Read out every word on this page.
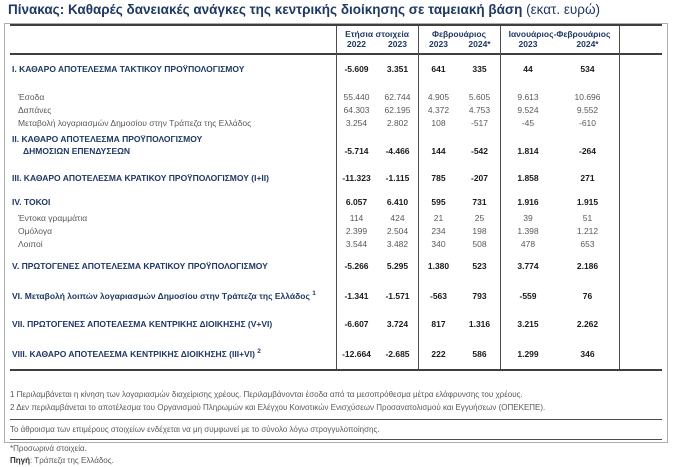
Πίνακας: Καθαρές δανειακές ανάγκες της κεντρικής διοίκησης σε ταμειακή βάση (εκατ. ευρώ)
Ετήσια στοιχεία	Φεβρουάριος	Ιανουάριος-Φεβρουάριος
2022	2023	2023	2024*	2023	2024*
I. ΚΑΘΑΡΟ ΑΠΟΤΕΛΕΣΜΑ ΤΑΚΤΙΚΟΥ ΠΡΟΫΠΟΛΟΓΙΣΜΟΥ	-5.609	3.351	641	335	44	534
Έσοδα	55.440	62.744	4.905	5.605	9.613	10.696
Δαπάνες	64.303	62.195	4.372	4.753	9.524	9.552
Μεταβολή λογαριασμών Δημοσίου στην Τράπεζα της Ελλάδος	3.254	2.802	108	-517	-45	-610
II. ΚΑΘΑΡΟ ΑΠΟΤΕΛΕΣΜΑ ΠΡΟΫΠΟΛΟΓΙΣΜΟΥ
ΔΗΜΟΣΙΩΝ ΕΠΕΝΔΥΣΕΩΝ	-5.714	-4.466	144	-542	1.814	-264
III. ΚΑΘΑΡΟ ΑΠΟΤΕΛΕΣΜΑ ΚΡΑΤΙΚΟΥ ΠΡΟΫΠΟΛΟΓΙΣΜΟΥ (I+II)	-11.323	-1.115	785	-207	1.858	271
IV. ΤΟΚΟΙ	6.057	6.410	595	731	1.916	1.915
Έντοκα γραμμάτια	114	424	21	25	39	51
Ομόλογα	2.399	2.504	234	198	1.398	1.212
Λοιποί	3.544	3.482	340	508	478	653
V. ΠΡΩΤΟΓΕΝΕΣ ΑΠΟΤΕΛΕΣΜΑ ΚΡΑΤΙΚΟΥ ΠΡΟΫΠΟΛΟΓΙΣΜΟΥ	-5.266	5.295	1.380	523	3.774	2.186
VI. Μεταβολή λοιπών λογαριασμών Δημοσίου στην Τράπεζα της Ελλάδος $^1$	-1.341	-1.571	-563	793	-559	76
VII. ΠΡΩΤΟΓΕΝΕΣ ΑΠΟΤΕΛΕΣΜΑ ΚΕΝΤΡΙΚΗΣ ΔΙΟΙΚΗΣΗΣ (V+VI)	-6.607	3.724	817	1.316	3.215	2.262
VIII. ΚΑΘΑΡΟ ΑΠΟΤΕΛΕΣΜΑ ΚΕΝΤΡΙΚΗΣ ΔΙΟΙΚΗΣΗΣ (III+VI) $^2$	-12.664	-2.685	222	586	1.299	346
1 Περιλαμβάνεται η κίνηση των λογαριασμών διαχείρισης χρέους. Περιλαμβάνονται έσοδα από τα μεσοπρόθεσμα μέτρα ελάφρυνσης του χρέους.
2 Δεν περιλαμβάνεται το αποτέλεσμα του Οργανισμού Πληρωμών και Ελέγχου Κοινοτικών Ενισχύσεων Προσανατολισμού και Εγγυήσεων (ΟΠΕΚΕΠΕ).
Το άθροισμα των επιμέρους στοιχείων ενδέχεται να μη συμφωνεί με το σύνολο λόγω στρογγυλοποίησης.
*Προσωρινά στοιχεία.
Πηγή: Τράπεζα της Ελλάδος.
